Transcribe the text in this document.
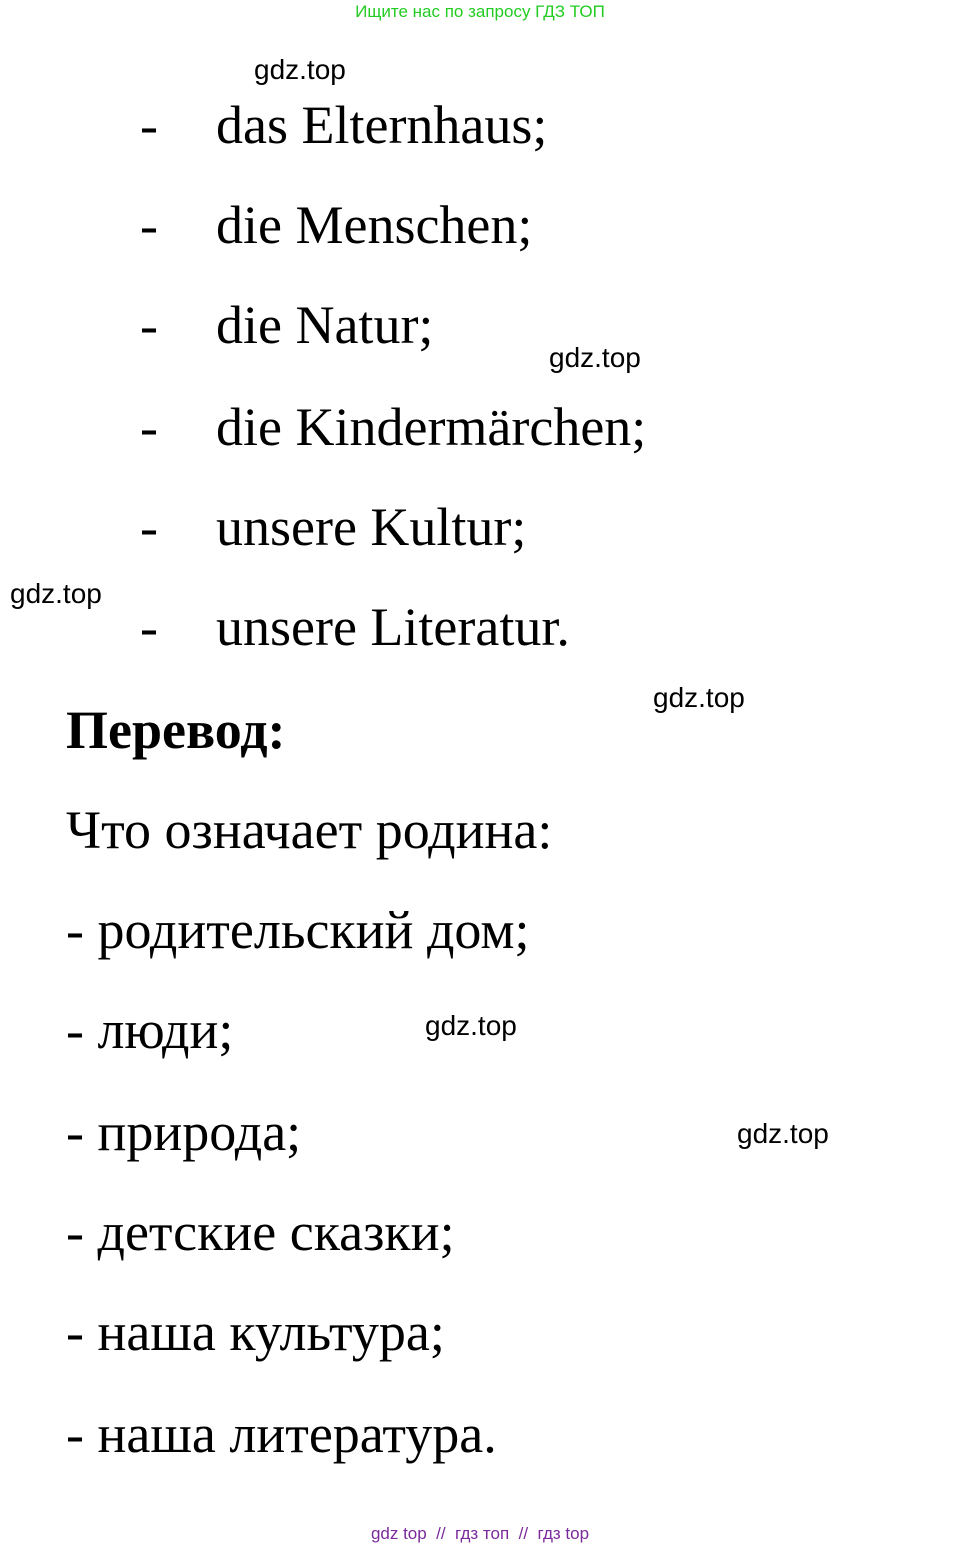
Ищите нас по запросу ГДЗ ТОП
- das Elternhaus;
- die Menschen;
- die Natur;
- die Kindermärchen;
- unsere Kultur;
- unsere Literatur.
Перевод:
Что означает родина:
- родительский дом;
- люди;
- природа;
- детские сказки;
- наша культура;
- наша литература.
gdz.top
gdz.top
gdz.top
gdz.top
gdz.top
gdz.top
gdz top  //  гдз топ  //  гдз top
